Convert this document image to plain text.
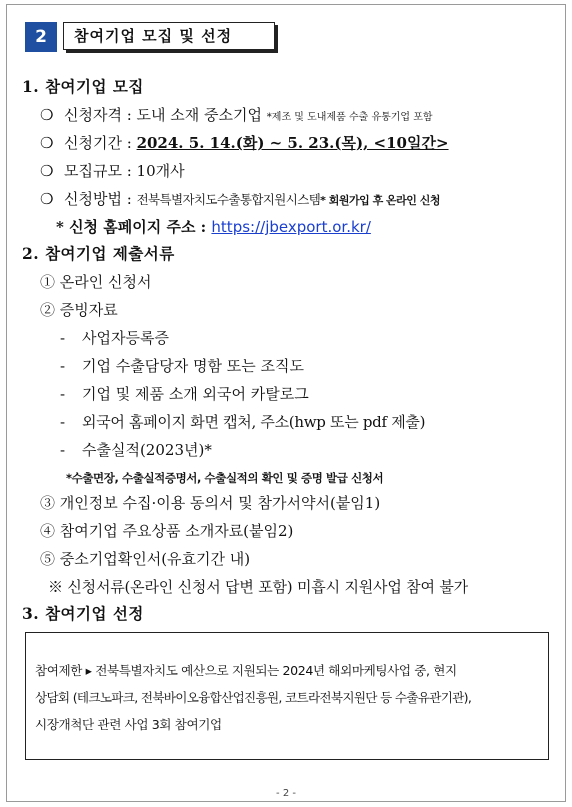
2	참여기업 모집 및 선정
1. 참여기업 모집
❍ 신청자격 : 도내 소재 중소기업 *제조 및 도내제품 수출 유통기업 포함
❍ 신청기간 : 2024. 5. 14.(화) ~ 5. 23.(목), <10일간>
❍ 모집규모 : 10개사
❍ 신청방법 : 전북특별자치도수출통합지원시스템* 회원가입 후 온라인 신청
* 신청 홈페이지 주소 : https://jbexport.or.kr/
2. 참여기업 제출서류
① 온라인 신청서
② 증빙자료
- 사업자등록증
- 기업 수출담당자 명함 또는 조직도
- 기업 및 제품 소개 외국어 카탈로그
- 외국어 홈페이지 화면 캡처, 주소(hwp 또는 pdf 제출)
- 수출실적(2023년)*
*수출면장, 수출실적증명서, 수출실적의 확인 및 증명 발급 신청서
③ 개인정보 수집·이용 동의서 및 참가서약서(붙임1)
④ 참여기업 주요상품 소개자료(붙임2)
⑤ 중소기업확인서(유효기간 내)
※ 신청서류(온라인 신청서 답변 포함) 미흡시 지원사업 참여 불가
3. 참여기업 선정
참여제한 ▸ 전북특별자치도 예산으로 지원되는 2024년 해외마케팅사업 중, 현지
상담회 (테크노파크, 전북바이오융합산업진흥원, 코트라전북지원단 등 수출유관기관),
시장개척단 관련 사업 3회 참여기업
- 2 -
